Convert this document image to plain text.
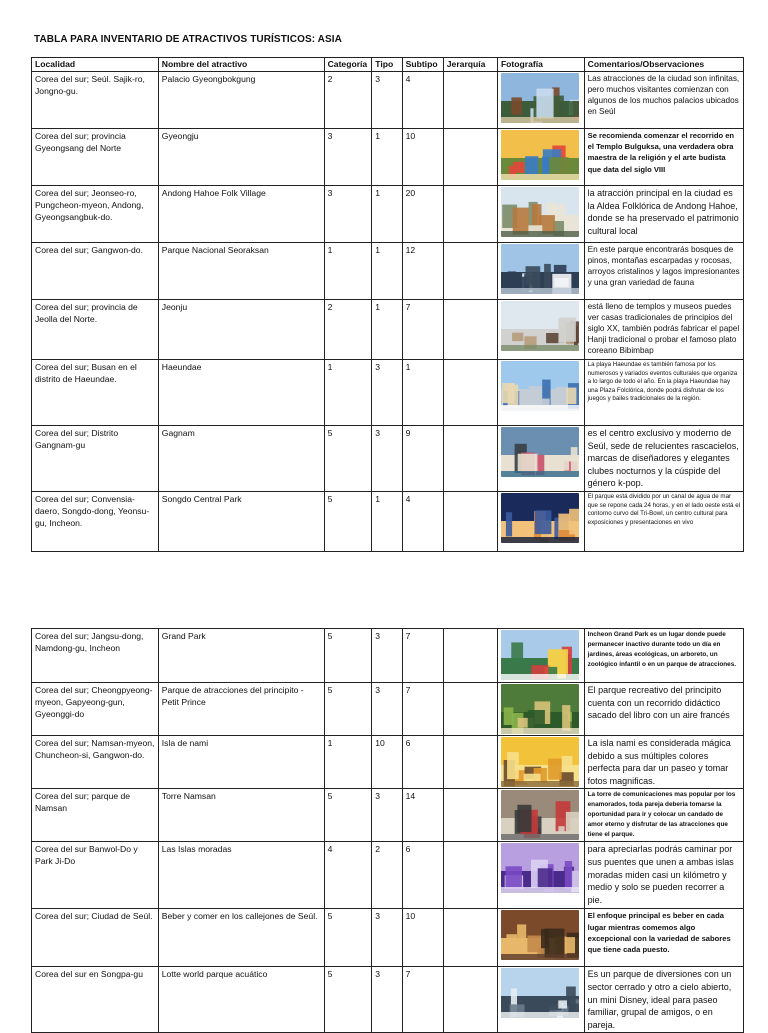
TABLA PARA INVENTARIO DE ATRACTIVOS TURÍSTICOS: ASIA
Localidad	Nombre del atractivo	Categoría	Tipo	Subtipo	Jerarquía	Fotografía	Comentarios/Observaciones
Corea del sur; Seúl. Sajik-ro, Jongno-gu.	Palacio Gyeongbokgung	2	3	4			Las atracciones de la ciudad son infinitas, pero muchos visitantes comienzan con algunos de los muchos palacios ubicados en Seúl

Corea del sur; provincia Gyeongsang del Norte	Gyeongju	3	1	10			Se recomienda comenzar el recorrido en el Templo Bulguksa, una verdadera obra maestra de la religión y el arte budista que data del siglo VIII

Corea del sur; Jeonseo-ro, Pungcheon-myeon, Andong, Gyeongsangbuk-do.	Andong Hahoe Folk Village	3	1	20			la atracción principal en la ciudad es la Aldea Folklórica de Andong Hahoe, donde se ha preservado el patrimonio cultural local

Corea del sur; Gangwon-do.	Parque Nacional Seoraksan	1	1	12			En este parque encontrarás bosques de pinos, montañas escarpadas y rocosas, arroyos cristalinos y lagos impresionantes y una gran variedad de fauna

Corea del sur; provincia de Jeolla del Norte.	Jeonju	2	1	7			está lleno de templos y museos puedes ver casas tradicionales de principios del siglo XX, también podrás fabricar el papel Hanji tradicional o probar el famoso plato coreano Bibimbap

Corea del sur; Busan en el distrito de Haeundae.	Haeundae	1	3	1			La playa Haeundae es también famosa por los numerosos y variados eventos culturales que organiza a lo largo de todo el año. En la playa Haeundae hay una Plaza Folclórica, donde podrá disfrutar de los juegos y bailes tradicionales de la región.

Corea del sur; Distrito Gangnam-gu	Gagnam	5	3	9			es el centro exclusivo y moderno de Seúl, sede de relucientes rascacielos, marcas de diseñadores y elegantes clubes nocturnos y la cúspide del género k-pop.

Corea del sur; Convensia-daero, Songdo-dong, Yeonsu-gu, Incheon.	Songdo Central Park	5	1	4			El parque está dividido por un canal de agua de mar que se repone cada 24 horas, y en el lado oeste está el contorno curvo del Tri-Bowl, un centro cultural para exposiciones y presentaciones en vivo
Corea del sur; Jangsu-dong, Namdong-gu, Incheon	Grand Park	5	3	7			Incheon Grand Park es un lugar donde puede permanecer inactivo durante todo un día en jardines, áreas ecológicas, un arboreto, un zoológico infantil o en un parque de atracciones.

Corea del sur; Cheongpyeong-myeon, Gapyeong-gun, Gyeonggi-do	Parque de atracciones del principito - Petit Prince	5	3	7			El parque recreativo del principito cuenta con un recorrido didáctico sacado del libro con un aire francés

Corea del sur; Namsan-myeon, Chuncheon-si, Gangwon-do.	Isla de nami	1	10	6			La isla nami es considerada mágica debido a sus múltiples colores perfecta para dar un paseo y tomar fotos magnificas.

Corea del sur; parque de Namsan	Torre Namsan	5	3	14			La torre de comunicaciones mas popular por los enamorados, toda pareja debería tomarse la oportunidad para ir y colocar un candado de amor eterno y disfrutar de las atracciones que tiene el parque.

Corea del sur Banwol-Do y Park Ji-Do	Las Islas moradas	4	2	6			para apreciarlas podrás caminar por sus puentes que unen a ambas islas moradas miden casi un kilómetro y medio y solo se pueden recorrer a pie.

Corea del sur; Ciudad de Seúl.	Beber y comer en los callejones de Seúl.	5	3	10			El enfoque principal es beber en cada lugar mientras comemos algo excepcional con la variedad de sabores que tiene cada puesto.

Corea del sur en Songpa-gu	Lotte world parque acuático	5	3	7			Es un parque de diversiones con un sector cerrado y otro a cielo abierto, un mini Disney, ideal para paseo familiar, grupal de amigos, o en pareja.
